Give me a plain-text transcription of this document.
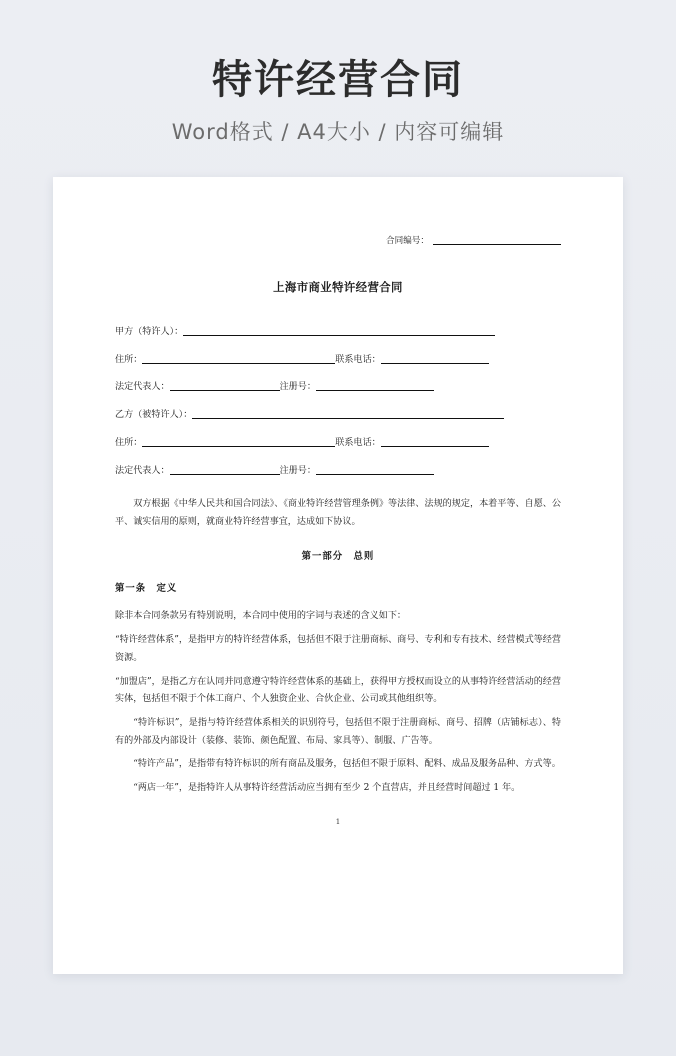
特许经营合同
Word格式 / A4大小 / 内容可编辑
合同编号：
上海市商业特许经营合同
甲方（特许人）：
住所：	联系电话：
法定代表人：	注册号：
乙方（被特许人）：
住所：	联系电话：
法定代表人：	注册号：

双方根据《中华人民共和国合同法》、《商业特许经营管理条例》等法律、法规的规定，本着平等、自愿、公平、诚实信用的原则，就商业特许经营事宜，达成如下协议。

第一部分　总则

第一条　定义

除非本合同条款另有特别说明，本合同中使用的字词与表述的含义如下：

“特许经营体系”，是指甲方的特许经营体系，包括但不限于注册商标、商号、专利和专有技术、经营模式等经营资源。

“加盟店”，是指乙方在认同并同意遵守特许经营体系的基础上，获得甲方授权而设立的从事特许经营活动的经营实体，包括但不限于个体工商户、个人独资企业、合伙企业、公司或其他组织等。

“特许标识”，是指与特许经营体系相关的识别符号，包括但不限于注册商标、商号、招牌（店铺标志）、特有的外部及内部设计（装修、装饰、颜色配置、布局、家具等）、制服、广告等。

“特许产品”，是指带有特许标识的所有商品及服务，包括但不限于原料、配料、成品及服务品种、方式等。

“两店一年”，是指特许人从事特许经营活动应当拥有至少 2 个直营店，并且经营时间超过 1 年。

1
